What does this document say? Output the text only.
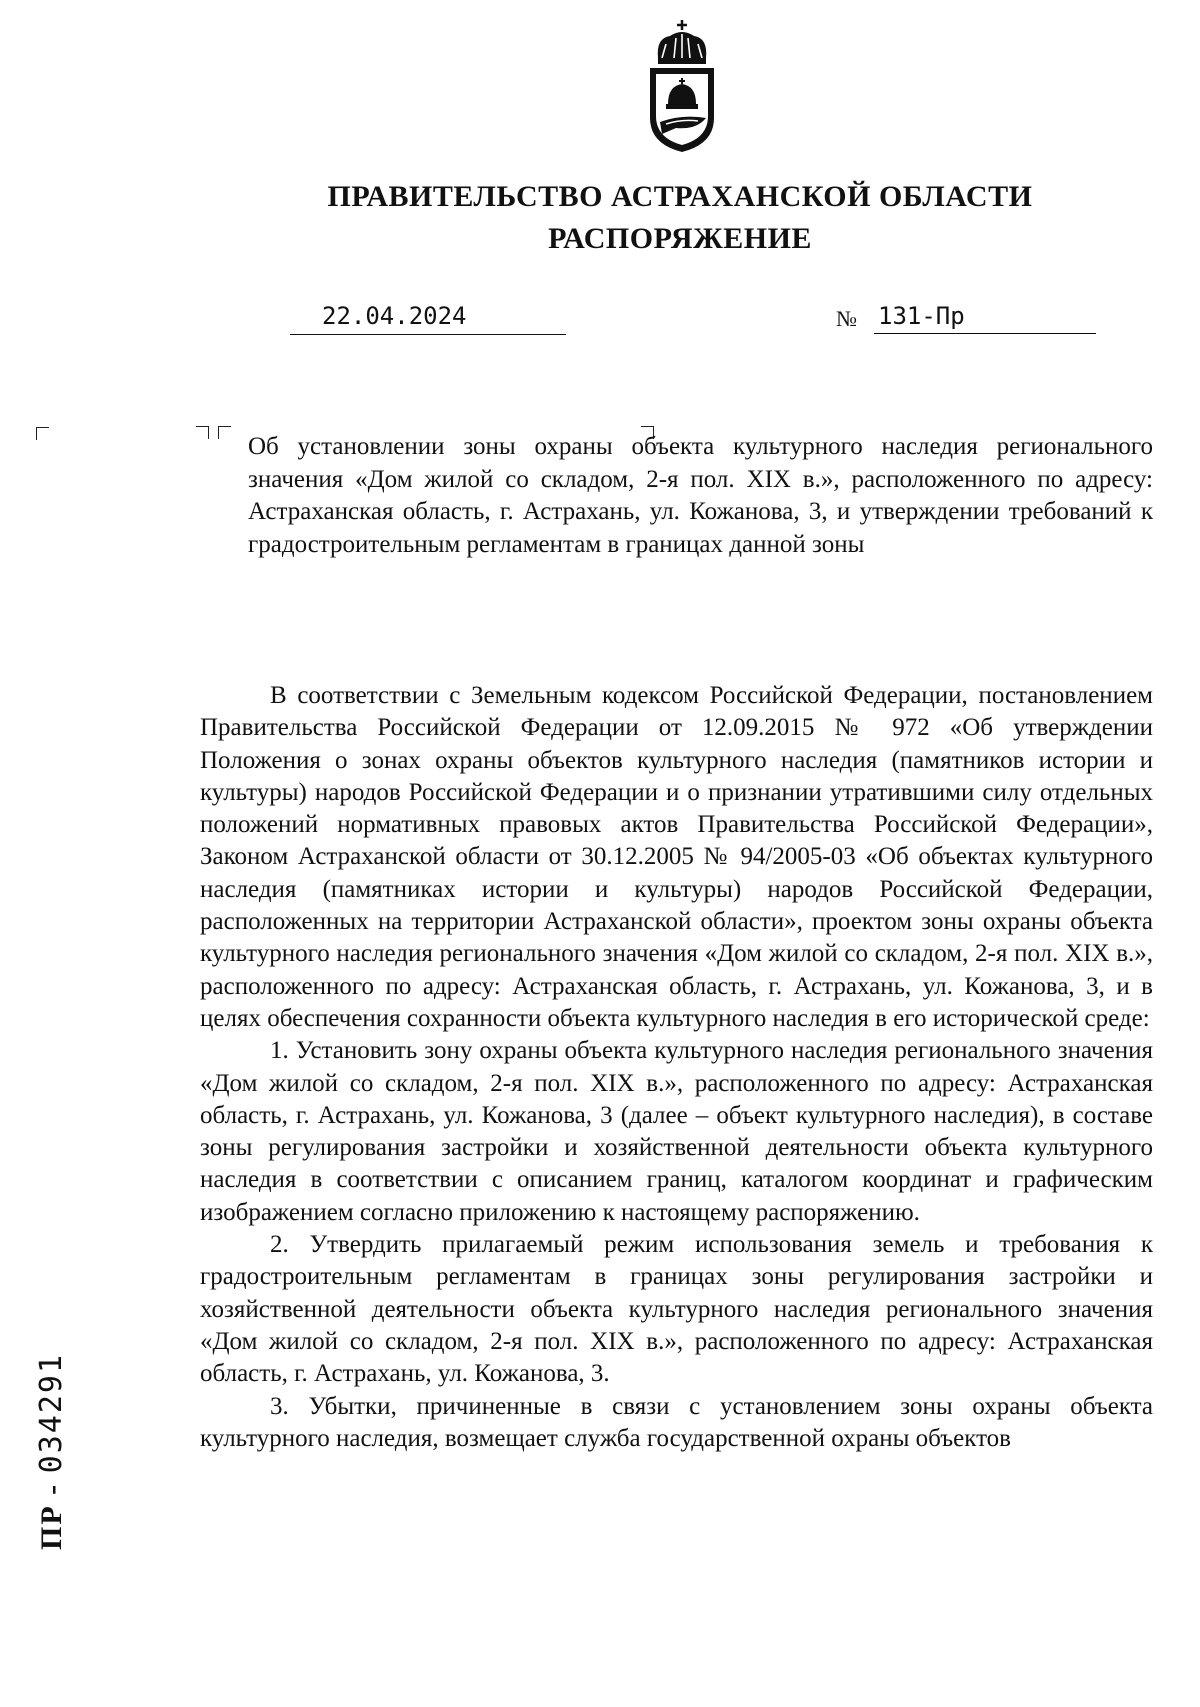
ПРАВИТЕЛЬСТВО АСТРАХАНСКОЙ ОБЛАСТИ
РАСПОРЯЖЕНИЕ
22.04.2024	№ 131-Пр
Об установлении зоны охраны объекта культурного наследия регионального значения «Дом жилой со складом, 2-я пол. XIX в.», расположенного по адресу: Астраханская область, г. Астрахань, ул. Кожанова, 3, и утверждении требований к градостроительным регламентам в границах данной зоны

В соответствии с Земельным кодексом Российской Федерации, постановлением Правительства Российской Федерации от 12.09.2015 № 972 «Об утверждении Положения о зонах охраны объектов культурного наследия (памятников истории и культуры) народов Российской Федерации и о признании утратившими силу отдельных положений нормативных правовых актов Правительства Российской Федерации», Законом Астраханской области от 30.12.2005 № 94/2005-03 «Об объектах культурного наследия (памятниках истории и культуры) народов Российской Федерации, расположенных на территории Астраханской области», проектом зоны охраны объекта культурного наследия регионального значения «Дом жилой со складом, 2-я пол. XIX в.», расположенного по адресу: Астраханская область, г. Астрахань, ул. Кожанова, 3, и в целях обеспечения сохранности объекта культурного наследия в его исторической среде:

1. Установить зону охраны объекта культурного наследия регионального значения «Дом жилой со складом, 2-я пол. XIX в.», расположенного по адресу: Астраханская область, г. Астрахань, ул. Кожанова, 3 (далее – объект культурного наследия), в составе зоны регулирования застройки и хозяйственной деятельности объекта культурного наследия в соответствии с описанием границ, каталогом координат и графическим изображением согласно приложению к настоящему распоряжению.

2. Утвердить прилагаемый режим использования земель и требования к градостроительным регламентам в границах зоны регулирования застройки и хозяйственной деятельности объекта культурного наследия регионального значения «Дом жилой со складом, 2-я пол. XIX в.», расположенного по адресу: Астраханская область, г. Астрахань, ул. Кожанова, 3.

3. Убытки, причиненные в связи с установлением зоны охраны объекта культурного наследия, возмещает служба государственной охраны объектов

ПР - 034291
